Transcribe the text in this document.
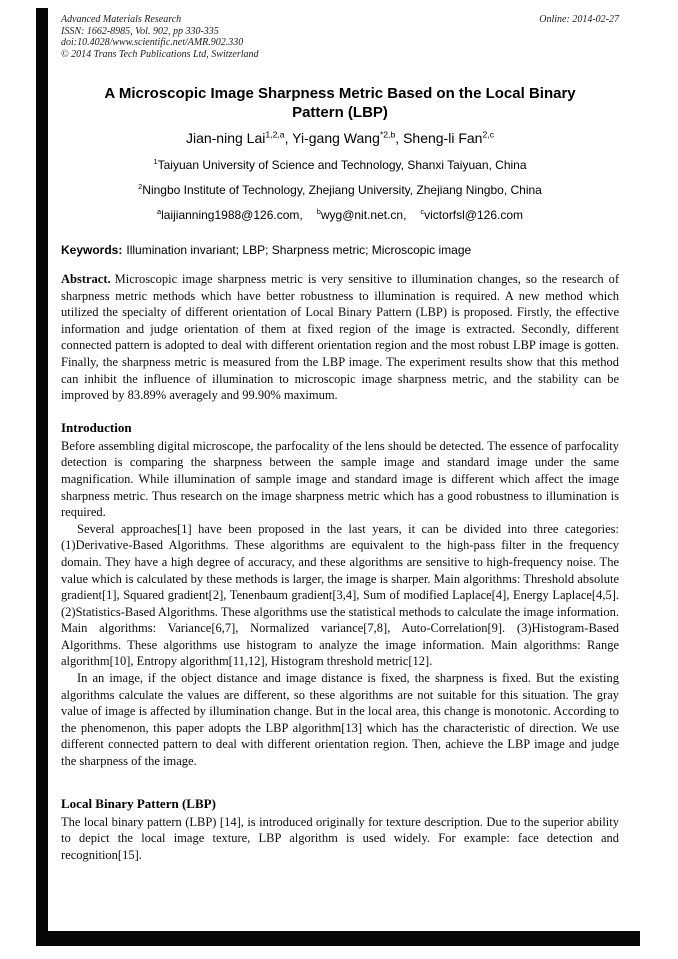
Advanced Materials Research
ISSN: 1662-8985, Vol. 902, pp 330-335
doi:10.4028/www.scientific.net/AMR.902.330
© 2014 Trans Tech Publications Ltd, Switzerland
Online: 2014-02-27
A Microscopic Image Sharpness Metric Based on the Local Binary Pattern (LBP)
Jian-ning Lai$^{1,2,a}$, Yi-gang Wang$^{*2,b}$, Sheng-li Fan$^{2,c}$
$^1$Taiyuan University of Science and Technology, Shanxi Taiyuan, China
$^2$Ningbo Institute of Technology, Zhejiang University, Zhejiang Ningbo, China
$^a$laijianning1988@126.com, $^b$wyg@nit.net.cn, $^c$victorfsl@126.com
Keywords: Illumination invariant; LBP; Sharpness metric; Microscopic image

Abstract. Microscopic image sharpness metric is very sensitive to illumination changes, so the research of sharpness metric methods which have better robustness to illumination is required. A new method which utilized the specialty of different orientation of Local Binary Pattern (LBP) is proposed. Firstly, the effective information and judge orientation of them at fixed region of the image is extracted. Secondly, different connected pattern is adopted to deal with different orientation region and the most robust LBP image is gotten. Finally, the sharpness metric is measured from the LBP image. The experiment results show that this method can inhibit the influence of illumination to microscopic image sharpness metric, and the stability can be improved by 83.89% averagely and 99.90% maximum.

Introduction

Before assembling digital microscope, the parfocality of the lens should be detected. The essence of parfocality detection is comparing the sharpness between the sample image and standard image under the same magnification. While illumination of sample image and standard image is different which affect the image sharpness metric. Thus research on the image sharpness metric which has a good robustness to illumination is required.

Several approaches[1] have been proposed in the last years, it can be divided into three categories: (1)Derivative-Based Algorithms. These algorithms are equivalent to the high-pass filter in the frequency domain. They have a high degree of accuracy, and these algorithms are sensitive to high-frequency noise. The value which is calculated by these methods is larger, the image is sharper. Main algorithms: Threshold absolute gradient[1], Squared gradient[2], Tenenbaum gradient[3,4], Sum of modified Laplace[4], Energy Laplace[4,5]. (2)Statistics-Based Algorithms. These algorithms use the statistical methods to calculate the image information. Main algorithms: Variance[6,7], Normalized variance[7,8], Auto-Correlation[9]. (3)Histogram-Based Algorithms. These algorithms use histogram to analyze the image information. Main algorithms: Range algorithm[10], Entropy algorithm[11,12], Histogram threshold metric[12].

In an image, if the object distance and image distance is fixed, the sharpness is fixed. But the existing algorithms calculate the values are different, so these algorithms are not suitable for this situation. The gray value of image is affected by illumination change. But in the local area, this change is monotonic. According to the phenomenon, this paper adopts the LBP algorithm[13] which has the characteristic of direction. We use different connected pattern to deal with different orientation region. Then, achieve the LBP image and judge the sharpness of the image.

Local Binary Pattern (LBP)

The local binary pattern (LBP) [14], is introduced originally for texture description. Due to the superior ability to depict the local image texture, LBP algorithm is used widely. For example: face detection and recognition[15].
